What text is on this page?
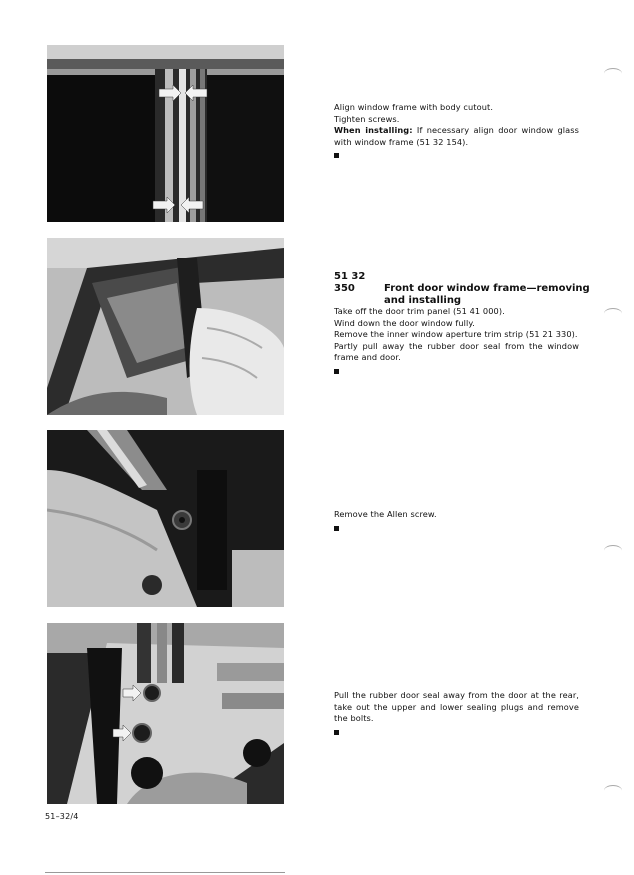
Align window frame with body cutout.

Tighten screws.

When installing: If necessary align door window glass with window frame (51 32 154).

51 32 350	Front door window frame—removing
and installing

Take off the door trim panel (51 41 000).

Wind down the door window fully.

Remove the inner window aperture trim strip (51 21 330).

Partly pull away the rubber door seal from the window frame and door.

Remove the Allen screw.

Pull the rubber door seal away from the door at the rear, take out the upper and lower sealing plugs and remove the bolts.

51–32/4
